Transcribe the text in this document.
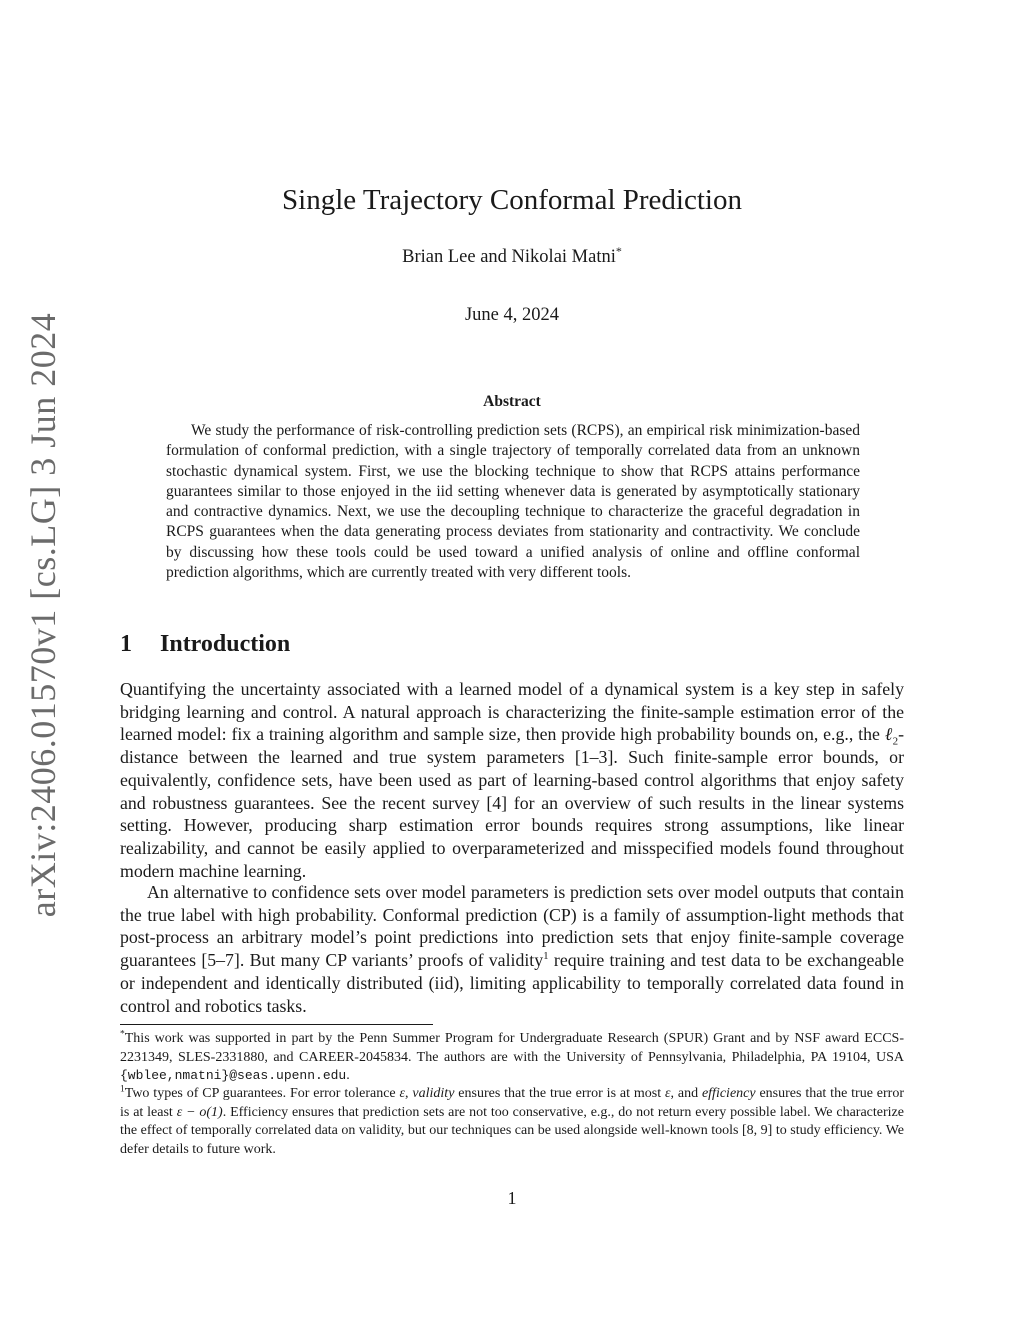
arXiv:2406.01570v1 [cs.LG] 3 Jun 2024
Single Trajectory Conformal Prediction
Brian Lee and Nikolai Matni*
June 4, 2024
Abstract

We study the performance of risk-controlling prediction sets (RCPS), an empirical risk minimization-based formulation of conformal prediction, with a single trajectory of temporally correlated data from an unknown stochastic dynamical system. First, we use the blocking technique to show that RCPS attains performance guarantees similar to those enjoyed in the iid setting whenever data is generated by asymptotically stationary and contractive dynamics. Next, we use the decoupling technique to characterize the graceful degradation in RCPS guarantees when the data generating process deviates from stationarity and contractivity. We conclude by discussing how these tools could be used toward a unified analysis of online and offline conformal prediction algorithms, which are currently treated with very different tools.

1 Introduction

Quantifying the uncertainty associated with a learned model of a dynamical system is a key step in safely bridging learning and control. A natural approach is characterizing the finite-sample estimation error of the learned model: fix a training algorithm and sample size, then provide high probability bounds on, e.g., the ℓ$_2$-distance between the learned and true system parameters [1–3]. Such finite-sample error bounds, or equivalently, confidence sets, have been used as part of learning-based control algorithms that enjoy safety and robustness guarantees. See the recent survey [4] for an overview of such results in the linear systems setting. However, producing sharp estimation error bounds requires strong assumptions, like linear realizability, and cannot be easily applied to overparameterized and misspecified models found throughout modern machine learning.

An alternative to confidence sets over model parameters is prediction sets over model outputs that contain the true label with high probability. Conformal prediction (CP) is a family of assumption-light methods that post-process an arbitrary model’s point predictions into prediction sets that enjoy finite-sample coverage guarantees [5–7]. But many CP variants’ proofs of validity$^1$ require training and test data to be exchangeable or independent and identically distributed (iid), limiting applicability to temporally correlated data found in control and robotics tasks.

*This work was supported in part by the Penn Summer Program for Undergraduate Research (SPUR) Grant and by NSF award ECCS-2231349, SLES-2331880, and CAREER-2045834. The authors are with the University of Pennsylvania, Philadelphia, PA 19104, USA {wblee,nmatni}@seas.upenn.edu.

$^1$Two types of CP guarantees. For error tolerance ε, validity ensures that the true error is at most ε, and efficiency ensures that the true error is at least ε − o(1). Efficiency ensures that prediction sets are not too conservative, e.g., do not return every possible label. We characterize the effect of temporally correlated data on validity, but our techniques can be used alongside well-known tools [8, 9] to study efficiency. We defer details to future work.

1
